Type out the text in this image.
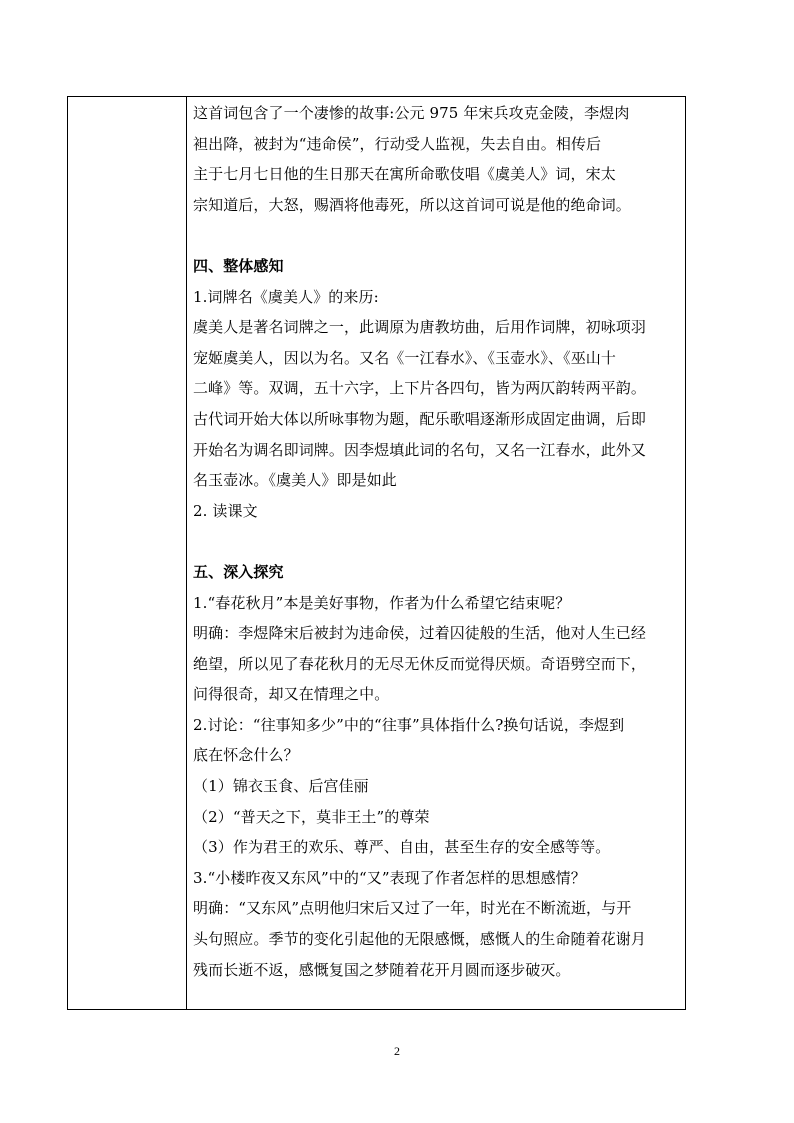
这首词包含了一个凄惨的故事:公元 975 年宋兵攻克金陵，李煜肉
袒出降，被封为“违命侯”，行动受人监视，失去自由。相传后
主于七月七日他的生日那天在寓所命歌伎唱《虞美人》词，宋太
宗知道后，大怒，赐酒将他毒死，所以这首词可说是他的绝命词。
四、整体感知
1.词牌名《虞美人》的来历:
虞美人是著名词牌之一，此调原为唐教坊曲，后用作词牌，初咏项羽
宠姬虞美人，因以为名。又名《一江春水》、《玉壶水》、《巫山十
二峰》等。双调，五十六字，上下片各四句，皆为两仄韵转两平韵。
古代词开始大体以所咏事物为题，配乐歌唱逐渐形成固定曲调，后即
开始名为调名即词牌。因李煜填此词的名句，又名一江春水，此外又
名玉壶冰。《虞美人》即是如此
2. 读课文
五、深入探究
1.“春花秋月”本是美好事物，作者为什么希望它结束呢？
明确：李煜降宋后被封为违命侯，过着囚徒般的生活，他对人生已经
绝望，所以见了春花秋月的无尽无休反而觉得厌烦。奇语劈空而下，
问得很奇，却又在情理之中。
2.讨论：“往事知多少”中的“往事”具体指什么?换句话说，李煜到
底在怀念什么？
（1）锦衣玉食、后宫佳丽
（2）“普天之下，莫非王土”的尊荣
（3）作为君王的欢乐、尊严、自由，甚至生存的安全感等等。
3.“小楼昨夜又东风”中的“又”表现了作者怎样的思想感情？
明确：“又东风”点明他归宋后又过了一年，时光在不断流逝，与开
头句照应。季节的变化引起他的无限感慨，感慨人的生命随着花谢月
残而长逝不返，感慨复国之梦随着花开月圆而逐步破灭。
2
